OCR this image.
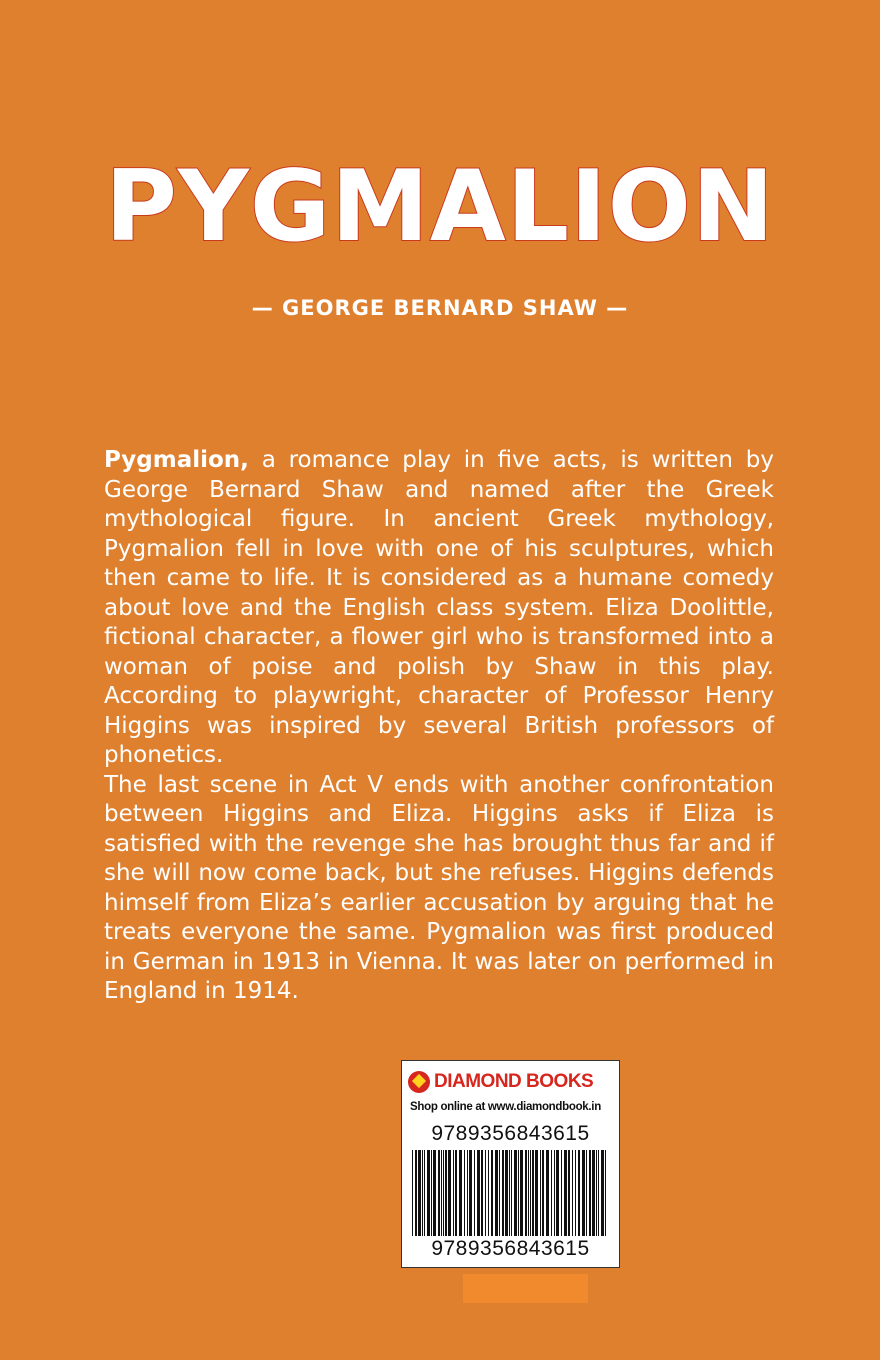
PYGMALION
— GEORGE BERNARD SHAW —

Pygmalion, a romance play in five acts, is written by George Bernard Shaw and named after the Greek mythological figure. In ancient Greek mythology, Pygmalion fell in love with one of his sculptures, which then came to life. It is considered as a humane comedy about love and the English class system. Eliza Doolittle, fictional character, a flower girl who is transformed into a woman of poise and polish by Shaw in this play. According to playwright, character of Professor Henry Higgins was inspired by several British professors of phonetics.

The last scene in Act V ends with another confrontation between Higgins and Eliza. Higgins asks if Eliza is satisfied with the revenge she has brought thus far and if she will now come back, but she refuses. Higgins defends himself from Eliza’s earlier accusation by arguing that he treats everyone the same. Pygmalion was first produced in German in 1913 in Vienna. It was later on performed in England in 1914.

DIAMOND BOOKS
Shop online at www.diamondbook.in
9789356843615
9789356843615
